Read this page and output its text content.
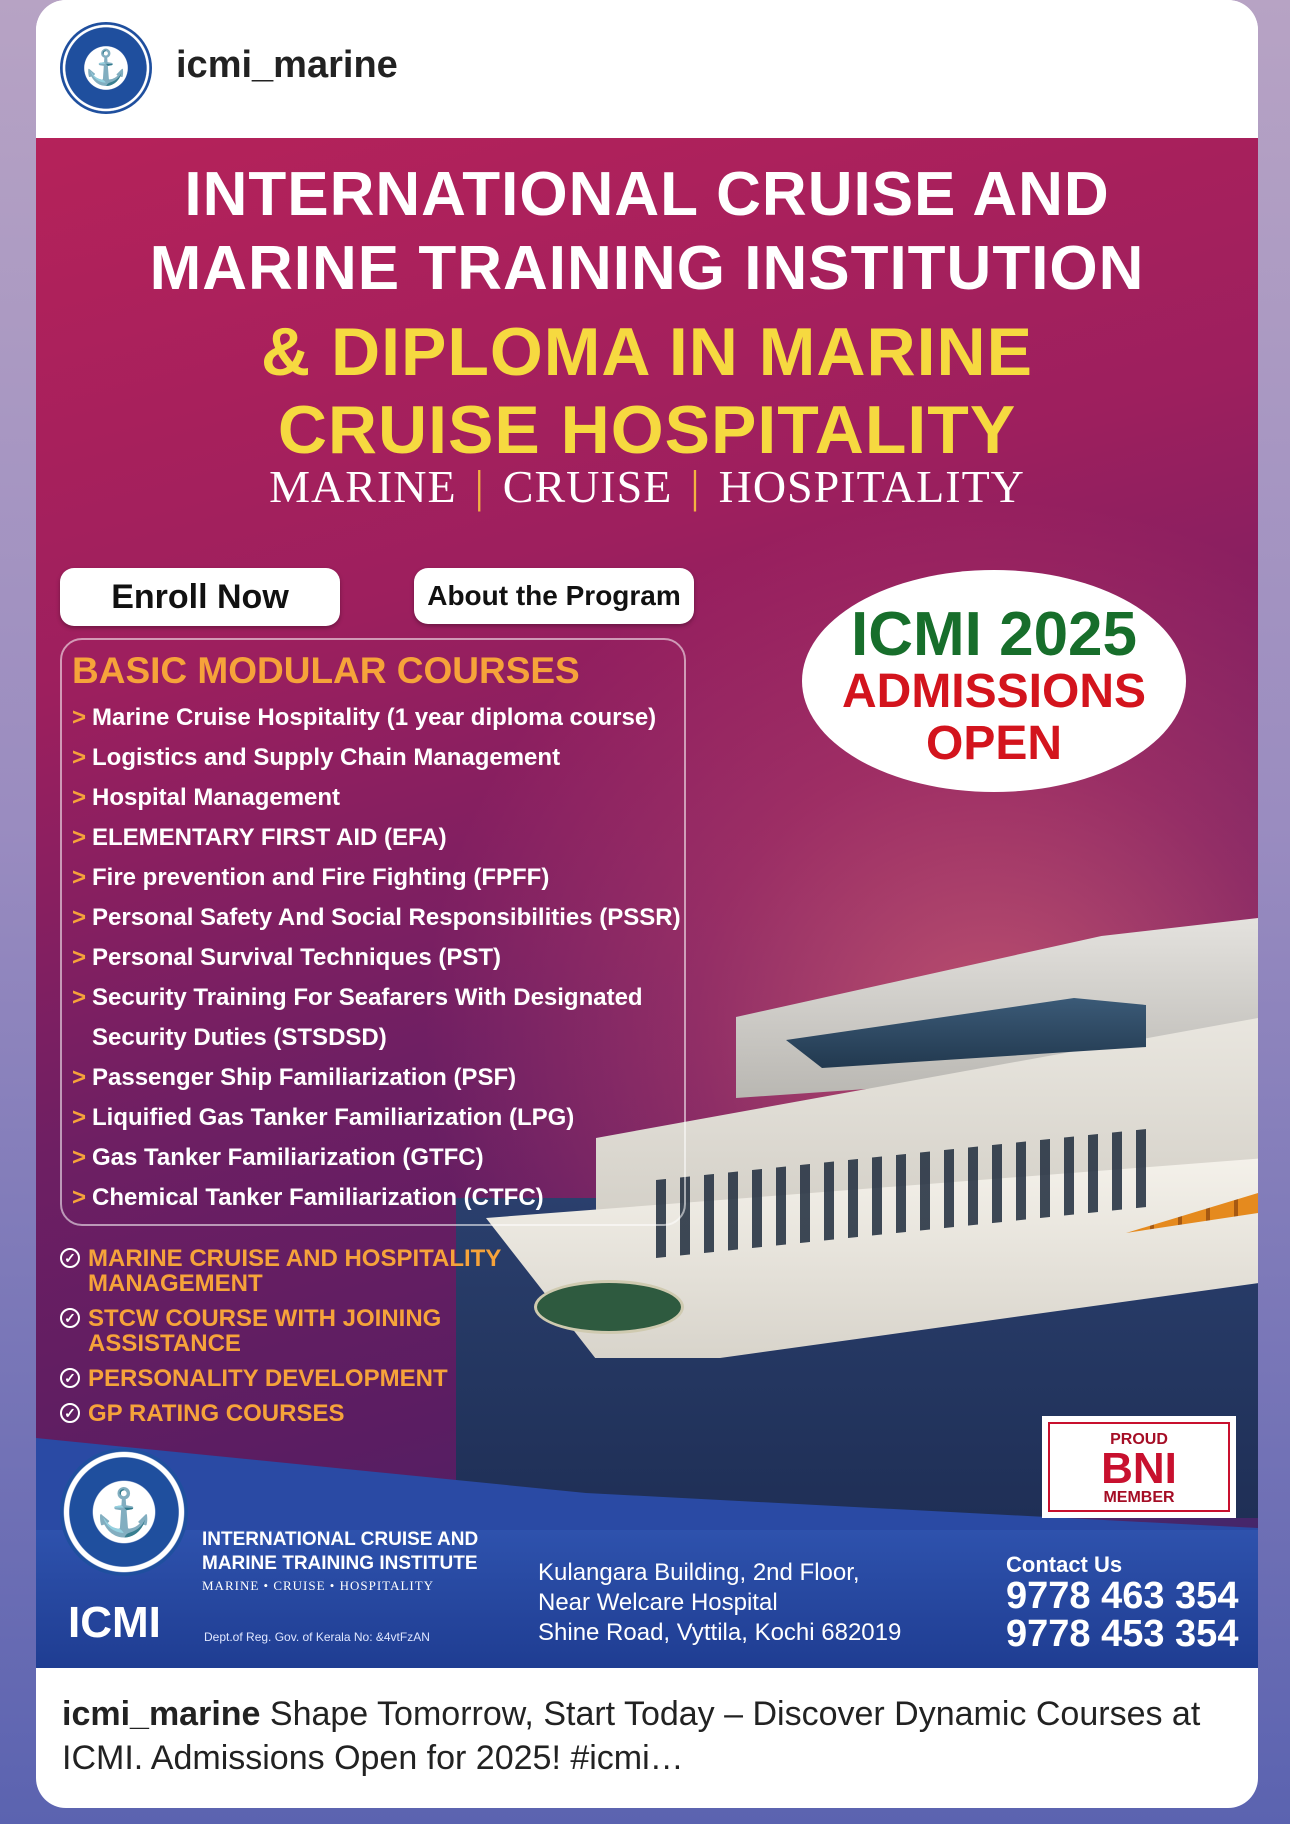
⚓ icmi_marine
INTERNATIONAL CRUISE AND
MARINE TRAINING INSTITUTION
& DIPLOMA IN MARINE
CRUISE HOSPITALITY
MARINE | CRUISE | HOSPITALITY
Enroll Now	About the Program
ICMI 2025
ADMISSIONS
OPEN
BASIC MODULAR COURSES
> Marine Cruise Hospitality (1 year diploma course)
> Logistics and Supply Chain Management
> Hospital Management
> ELEMENTARY FIRST AID (EFA)
> Fire prevention and Fire Fighting (FPFF)
> Personal Safety And Social Responsibilities (PSSR)
> Personal Survival Techniques (PST)
> Security Training For Seafarers With Designated
Security Duties (STSDSD)
> Passenger Ship Familiarization (PSF)
> Liquified Gas Tanker Familiarization (LPG)
> Gas Tanker Familiarization (GTFC)
> Chemical Tanker Familiarization (CTFC)
✓ MARINE CRUISE AND HOSPITALITY MANAGEMENT
✓ STCW COURSE WITH JOINING ASSISTANCE
✓ PERSONALITY DEVELOPMENT
✓ GP RATING COURSES
PROUD
BNI
MEMBER
⚓
ICMI
INTERNATIONAL CRUISE AND MARINE TRAINING INSTITUTE
MARINE • CRUISE • HOSPITALITY
Dept.of Reg. Gov. of Kerala No: &4vtFzAN
Kulangara Building, 2nd Floor,
Near Welcare Hospital
Shine Road, Vyttila, Kochi 682019
Contact Us
9778 463 354
9778 453 354
icmi_marine Shape Tomorrow, Start Today – Discover Dynamic Courses at ICMI. Admissions Open for 2025! #icmi…
